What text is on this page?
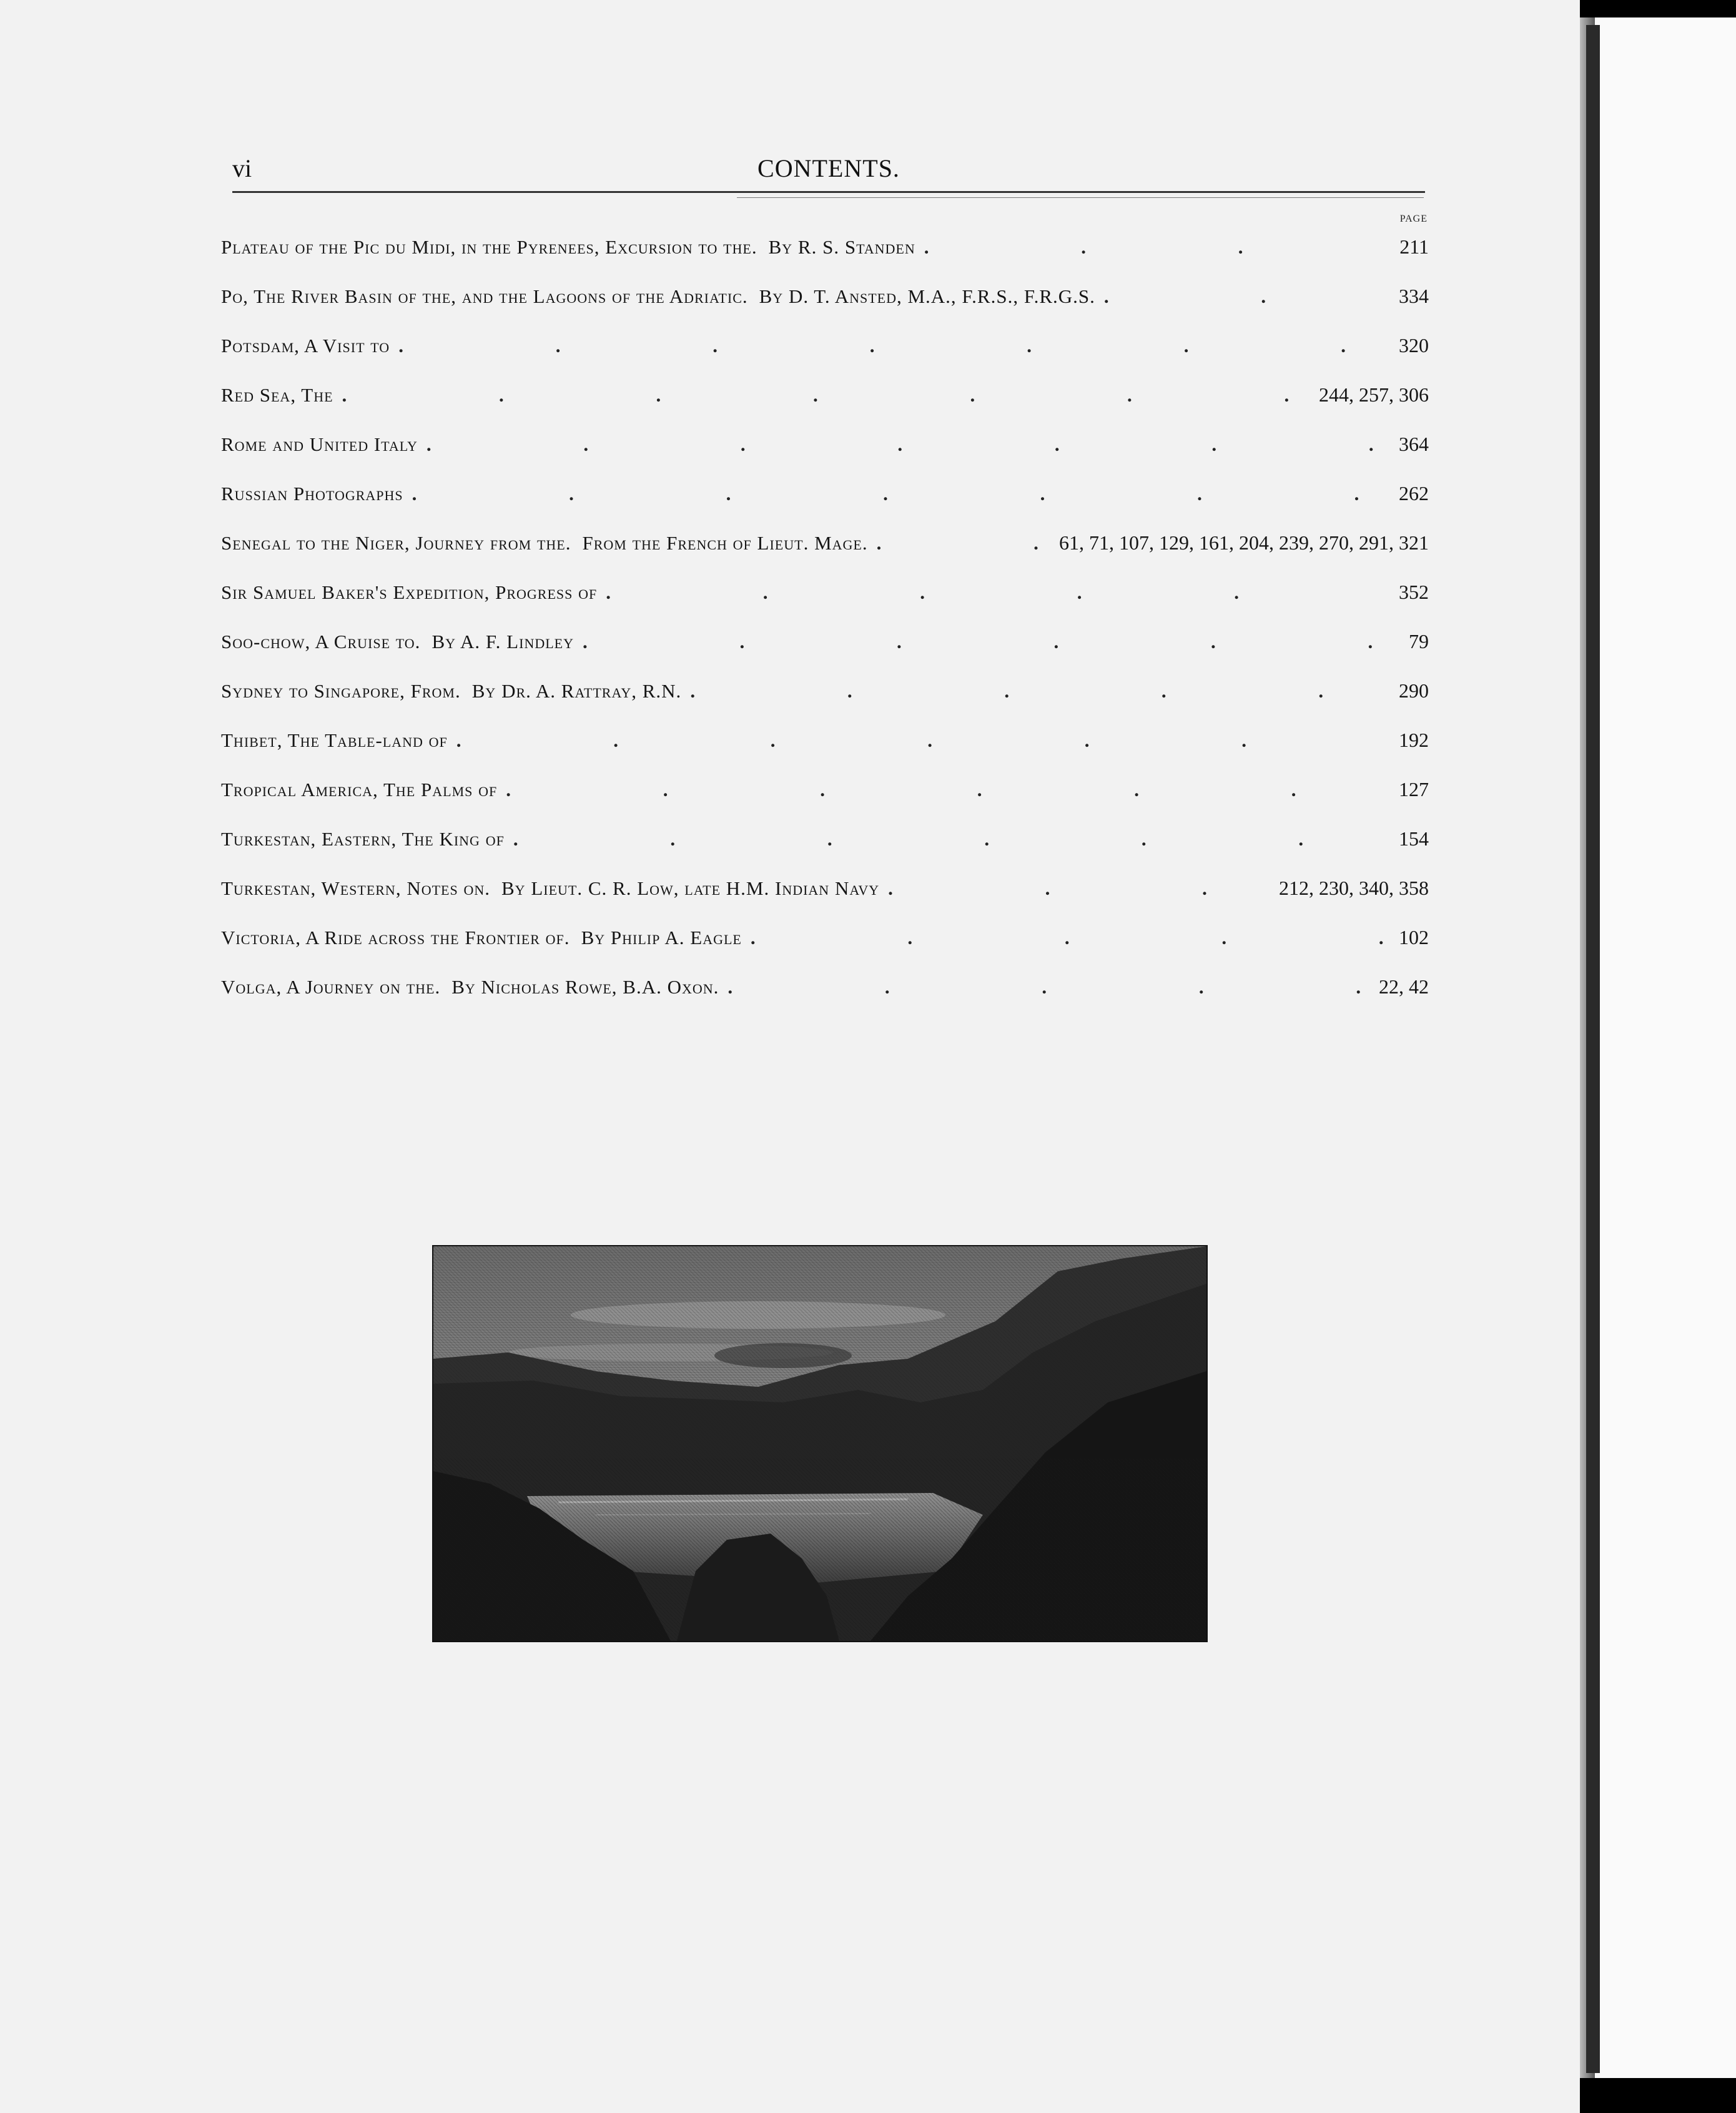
vi	CONTENTS.
PAGE
Plateau of the Pic du Midi, in the Pyrenees, Excursion to the. By R. S. Standen . . .	211
Po, The River Basin of the, and the Lagoons of the Adriatic. By D. T. Ansted, M.A., F.R.S., F.R.G.S. . . .	334
Potsdam, A Visit to . . .	320
Red Sea, The . . .	244, 257, 306
Rome and United Italy . . .	364
Russian Photographs . . .	262
Senegal to the Niger, Journey from the. From the French of Lieut. Mage. . . .	61, 71, 107, 129, 161, 204, 239, 270, 291, 321
Sir Samuel Baker's Expedition, Progress of . . .	352
Soo-chow, A Cruise to. By A. F. Lindley . . .	79
Sydney to Singapore, From. By Dr. A. Rattray, R.N. . . .	290
Thibet, The Table-land of . . .	192
Tropical America, The Palms of . . .	127
Turkestan, Eastern, The King of . . .	154
Turkestan, Western, Notes on. By Lieut. C. R. Low, late H.M. Indian Navy . . .	212, 230, 340, 358
Victoria, A Ride across the Frontier of. By Philip A. Eagle . . .	102
Volga, A Journey on the. By Nicholas Rowe, B.A. Oxon. . . .	22, 42
